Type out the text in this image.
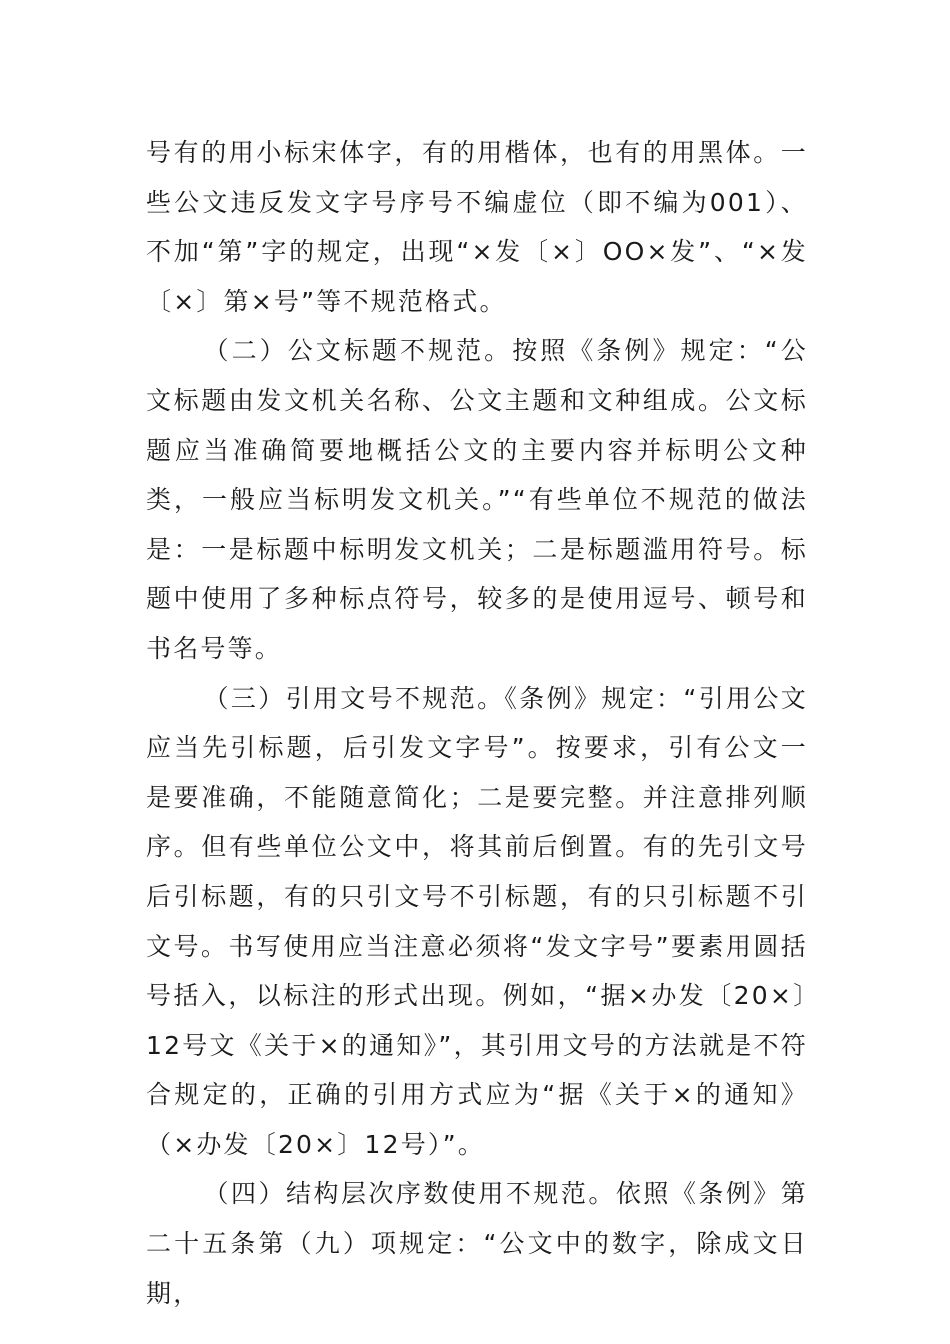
号有的用小标宋体字，有的用楷体，也有的用黑体。一些公文违反发文字号序号不编虚位（即不编为001）、不加“第”字的规定，出现“×发〔×〕OO×发”、“×发〔×〕第×号”等不规范格式。

（二）公文标题不规范。按照《条例》规定：“公文标题由发文机关名称、公文主题和文种组成。公文标题应当准确简要地概括公文的主要内容并标明公文种类，一般应当标明发文机关。”“有些单位不规范的做法是：一是标题中标明发文机关；二是标题滥用符号。标题中使用了多种标点符号，较多的是使用逗号、顿号和书名号等。

（三）引用文号不规范。《条例》规定：“引用公文应当先引标题，后引发文字号”。按要求，引有公文一是要准确，不能随意简化；二是要完整。并注意排列顺序。但有些单位公文中，将其前后倒置。有的先引文号后引标题，有的只引文号不引标题，有的只引标题不引文号。书写使用应当注意必须将“发文字号”要素用圆括号括入，以标注的形式出现。例如，“据×办发〔20×〕12号文《关于×的通知》”，其引用文号的方法就是不符合规定的，正确的引用方式应为“据《关于×的通知》（×办发〔20×〕12号）”。

（四）结构层次序数使用不规范。依照《条例》第二十五条第（九）项规定：“公文中的数字，除成文日期，
